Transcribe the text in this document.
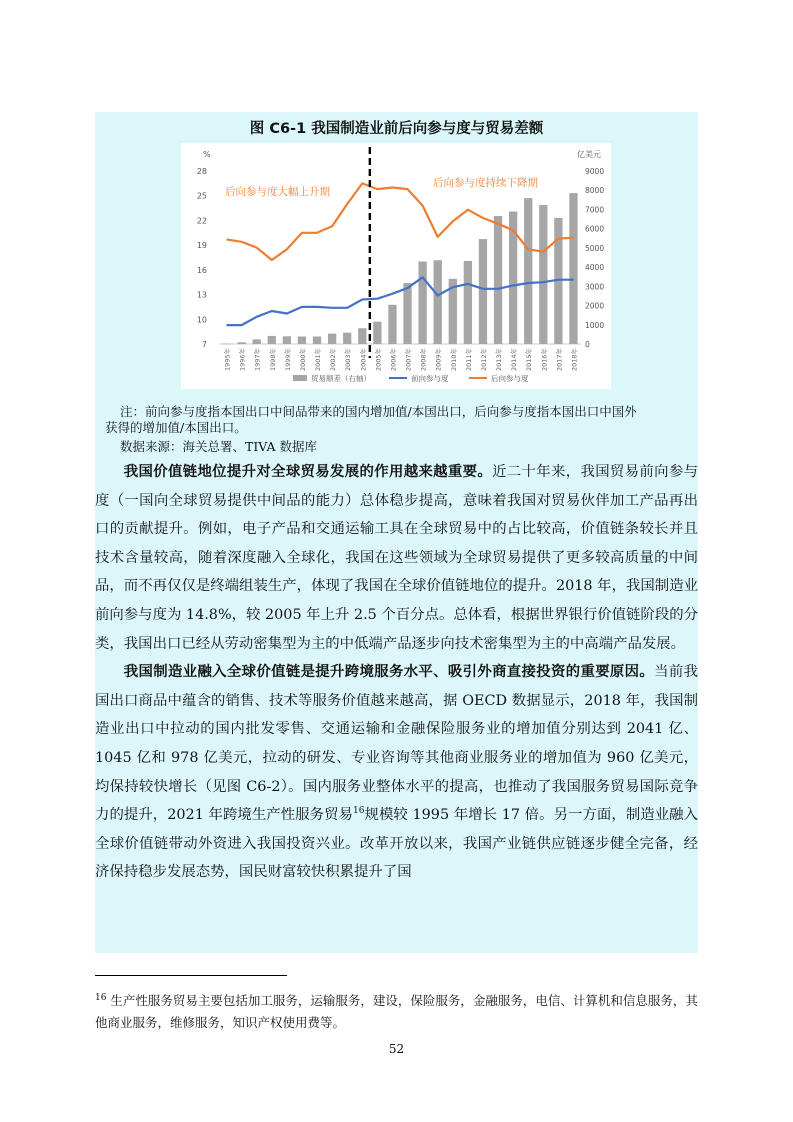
图 C6-1 我国制造业前后向参与度与贸易差额
%	亿美元
7
10
13
16
19
22
25
28
0
1000
2000
3000
4000
5000
6000
7000
8000
9000
后向参与度大幅上升期
后向参与度持续下降期
1995年 1996年 1997年 1998年 1999年 2000年 2001年 2002年 2003年 2004年 2005年 2006年 2007年 2008年 2009年 2010年 2011年 2012年 2013年 2014年 2015年 2016年 2017年 2018年
贸易顺差（右轴）	前向参与度	后向参与度

注：前向参与度指本国出口中间品带来的国内增加值/本国出口，后向参与度指本国出口中国外

获得的增加值/本国出口。

数据来源：海关总署、TIVA 数据库

我国价值链地位提升对全球贸易发展的作用越来越重要。近二十年来，我国贸易前向参与度（一国向全球贸易提供中间品的能力）总体稳步提高，意味着我国对贸易伙伴加工产品再出口的贡献提升。例如，电子产品和交通运输工具在全球贸易中的占比较高，价值链条较长并且技术含量较高，随着深度融入全球化，我国在这些领域为全球贸易提供了更多较高质量的中间品，而不再仅仅是终端组装生产，体现了我国在全球价值链地位的提升。2018 年，我国制造业前向参与度为 14.8%，较 2005 年上升 2.5 个百分点。总体看，根据世界银行价值链阶段的分类，我国出口已经从劳动密集型为主的中低端产品逐步向技术密集型为主的中高端产品发展。

我国制造业融入全球价值链是提升跨境服务水平、吸引外商直接投资的重要原因。当前我国出口商品中蕴含的销售、技术等服务价值越来越高，据 OECD 数据显示，2018 年，我国制造业出口中拉动的国内批发零售、交通运输和金融保险服务业的增加值分别达到 2041 亿、1045 亿和 978 亿美元，拉动的研发、专业咨询等其他商业服务业的增加值为 960 亿美元，均保持较快增长（见图 C6-2）。国内服务业整体水平的提高，也推动了我国服务贸易国际竞争力的提升，2021 年跨境生产性服务贸易$^{16}$规模较 1995 年增长 17 倍。另一方面，制造业融入全球价值链带动外资进入我国投资兴业。改革开放以来，我国产业链供应链逐步健全完备，经济保持稳步发展态势，国民财富较快积累提升了国

$^{16}$ 生产性服务贸易主要包括加工服务，运输服务，建设，保险服务，金融服务，电信、计算机和信息服务，其他商业服务，维修服务，知识产权使用费等。
52
